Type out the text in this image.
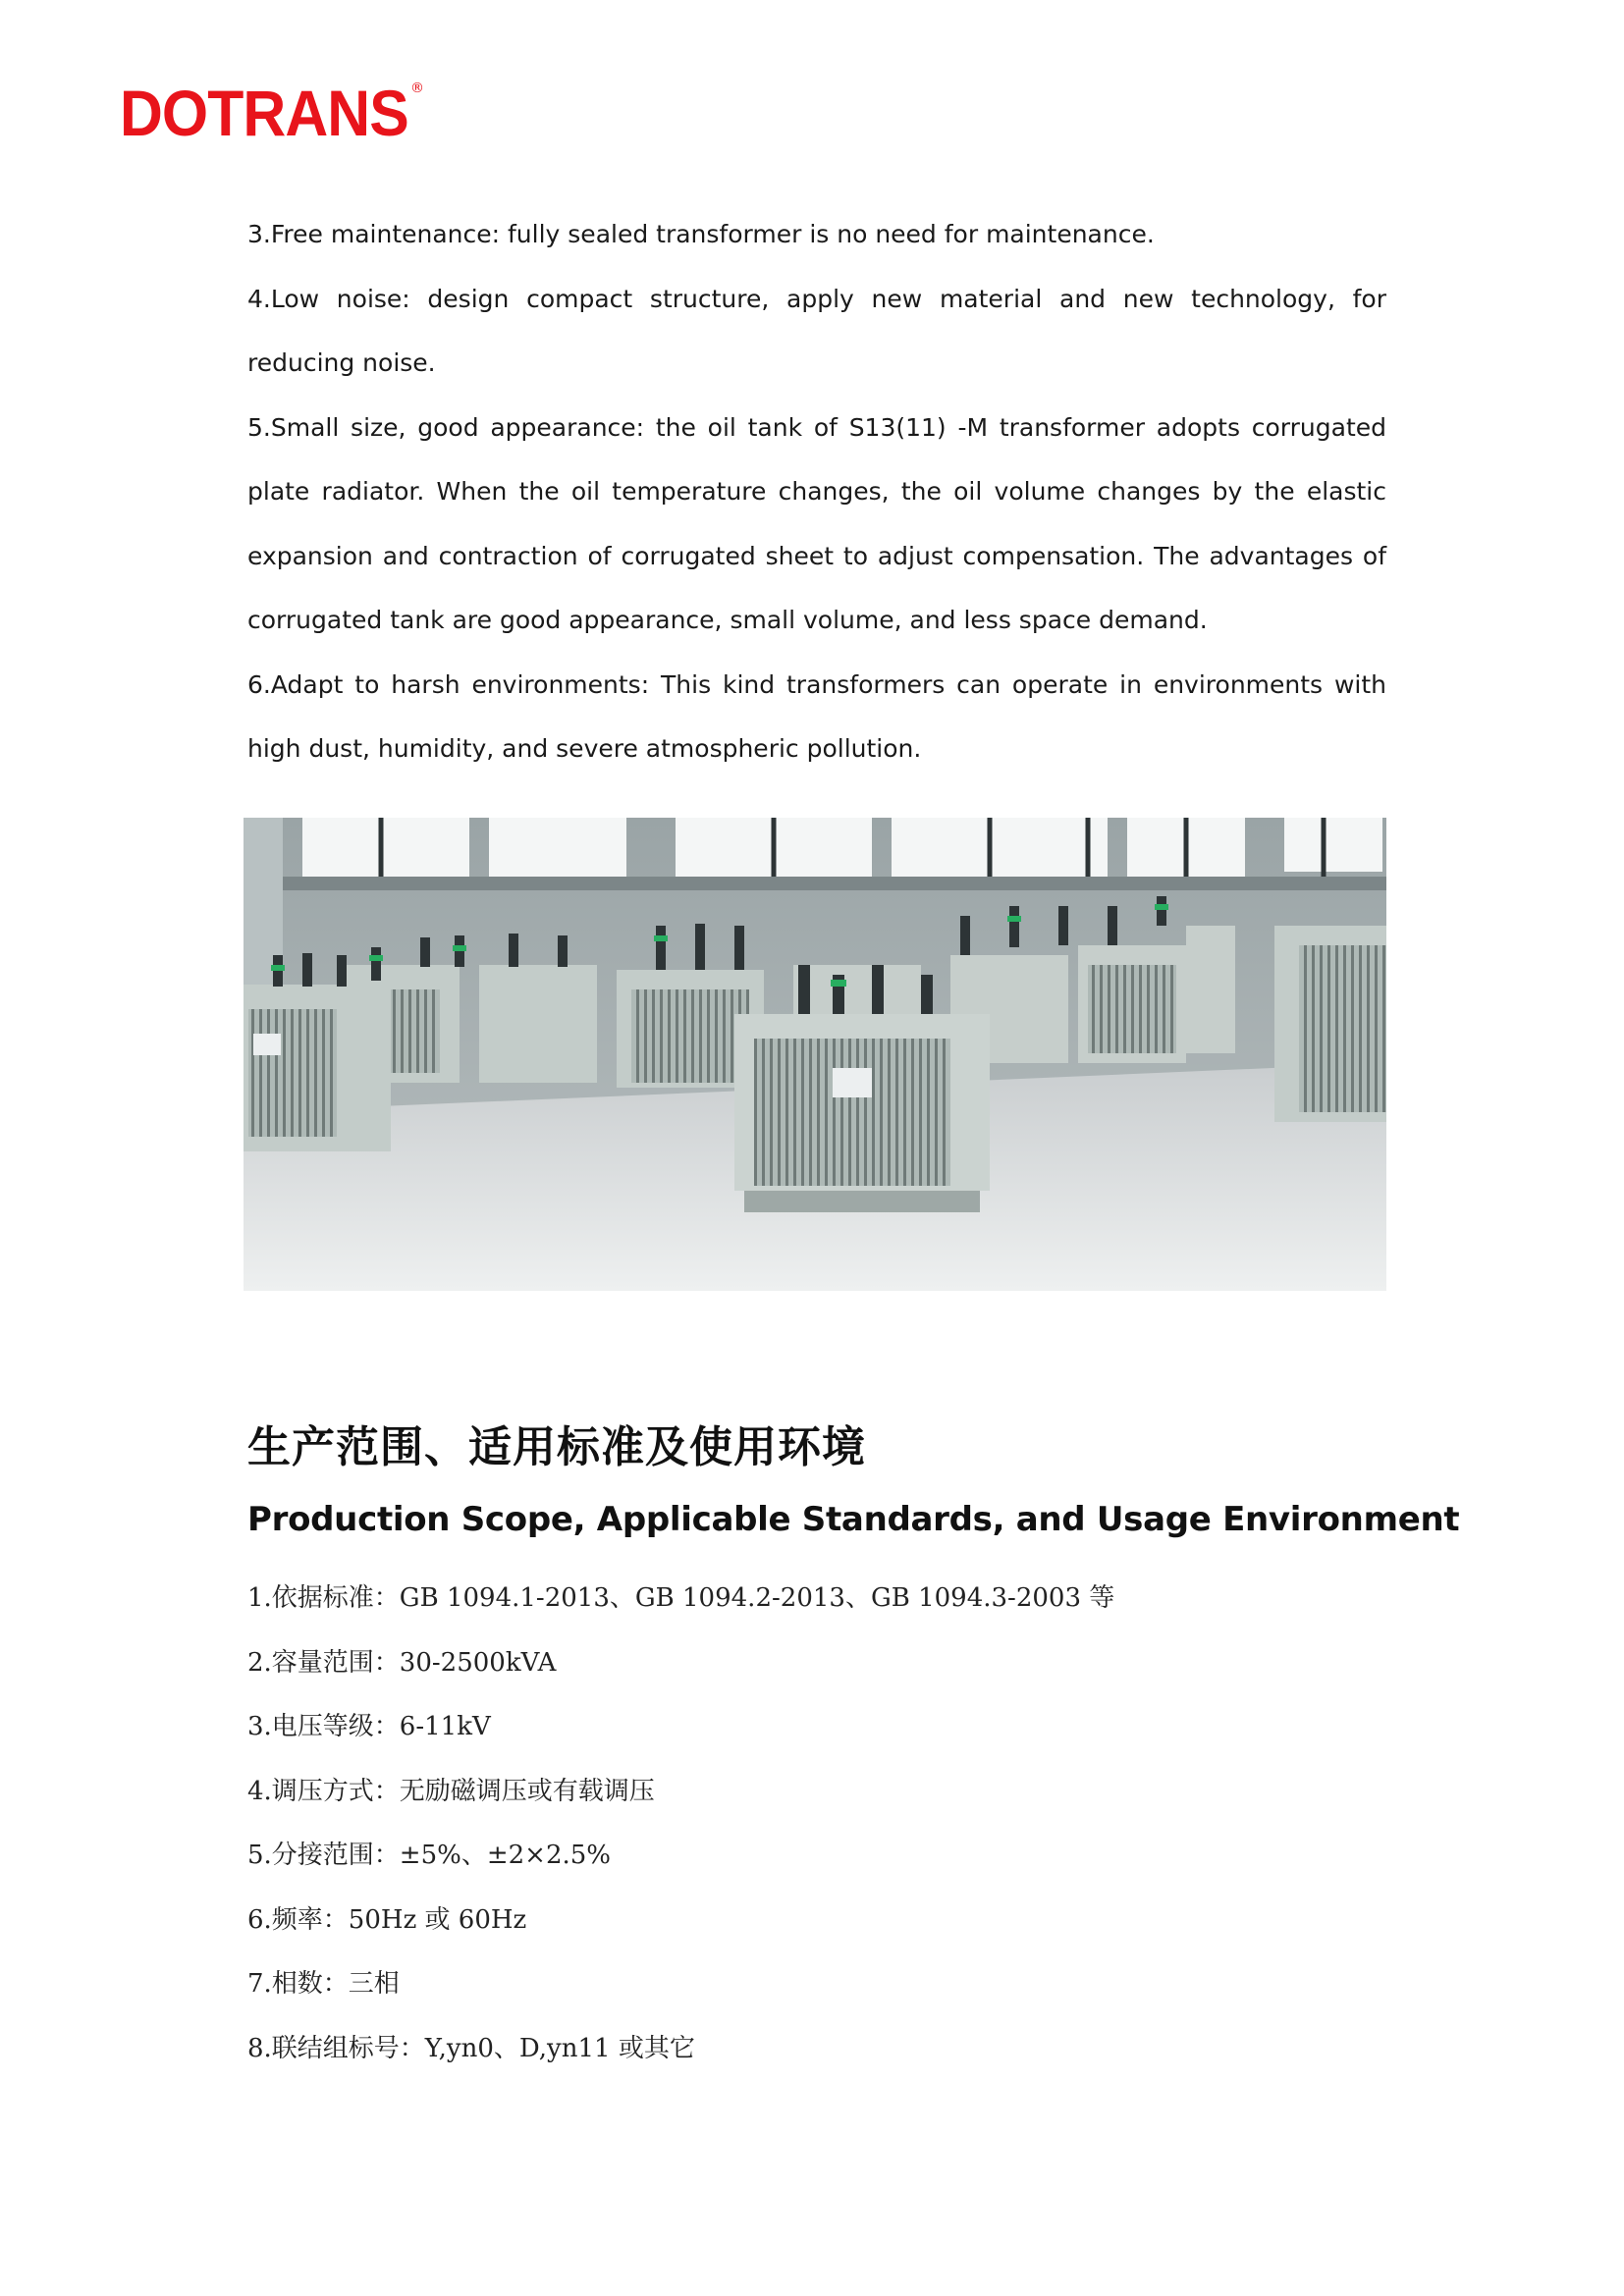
DOTRANS ®

3.Free maintenance: fully sealed transformer is no need for maintenance.

4.Low noise: design compact structure, apply new material and new technology, for reducing noise.

5.Small size, good appearance: the oil tank of S13(11) -M transformer adopts corrugated plate radiator. When the oil temperature changes, the oil volume changes by the elastic expansion and contraction of corrugated sheet to adjust compensation. The advantages of corrugated tank are good appearance, small volume, and less space demand.

6.Adapt to harsh environments: This kind transformers can operate in environments with high dust, humidity, and severe atmospheric pollution.

生产范围、适用标准及使用环境
Production Scope, Applicable Standards, and Usage Environment
1.依据标准：GB 1094.1-2013、GB 1094.2-2013、GB 1094.3-2003 等
2.容量范围：30-2500kVA
3.电压等级：6-11kV
4.调压方式：无励磁调压或有载调压
5.分接范围：±5%、±2×2.5%
6.频率：50Hz 或 60Hz
7.相数：三相
8.联结组标号：Y,yn0、D,yn11 或其它
